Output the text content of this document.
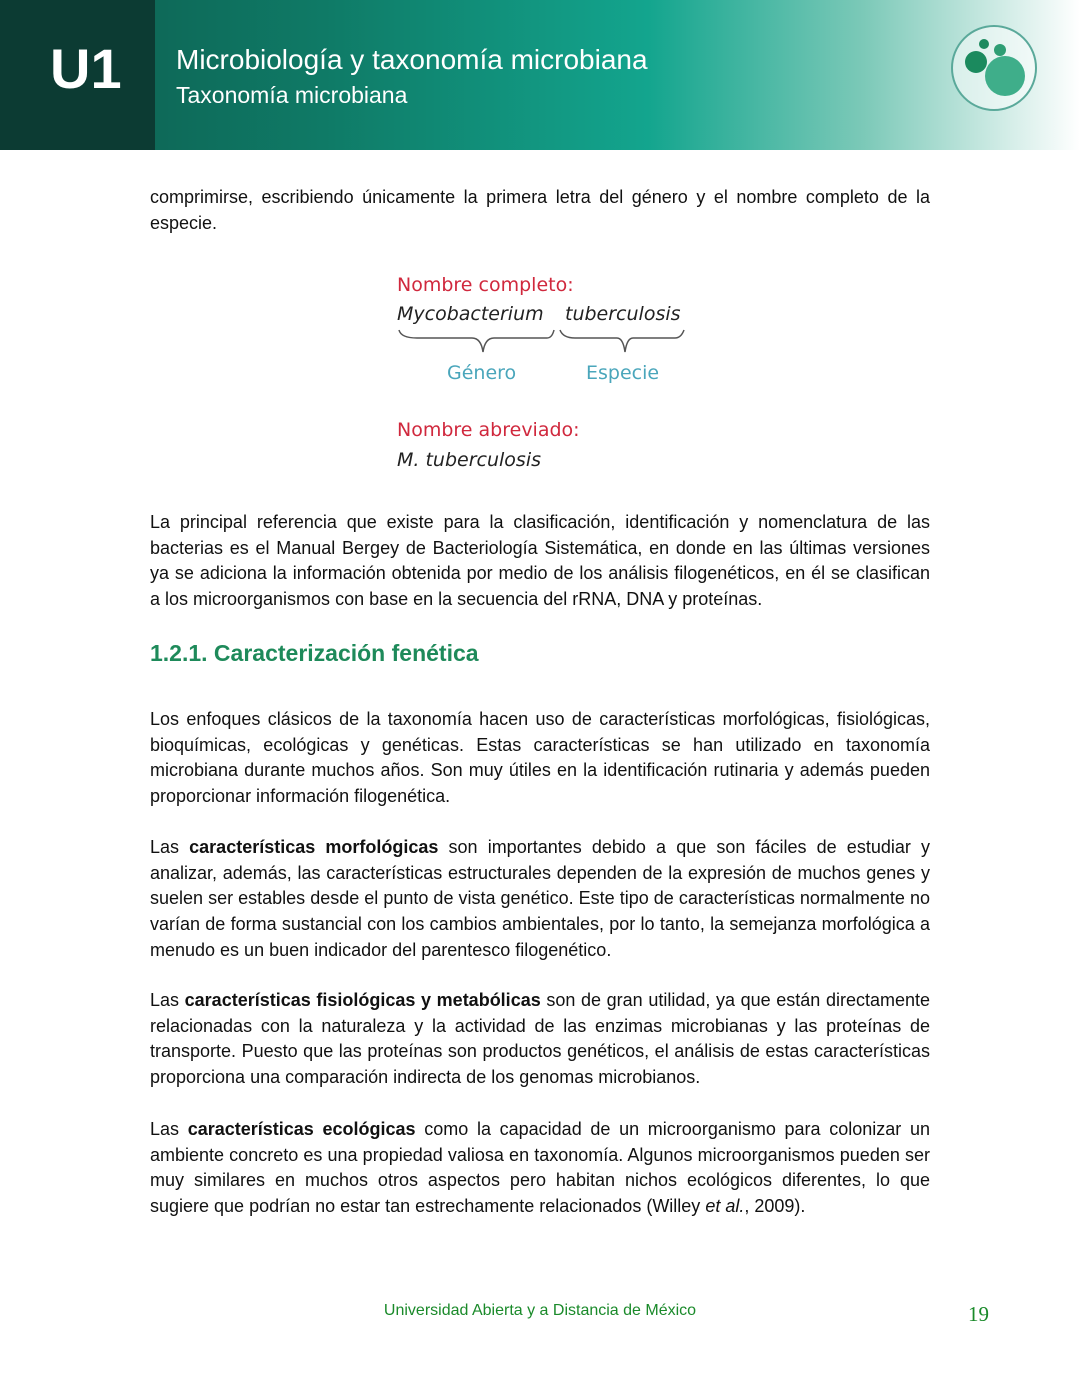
U1 Microbiología y taxonomía microbiana
Taxonomía microbiana
comprimirse, escribiendo únicamente la primera letra del género y el nombre completo de la especie.
Nombre completo:
Mycobacterium tuberculosis
Género	Especie
Nombre abreviado:
M. tuberculosis
La principal referencia que existe para la clasificación, identificación y nomenclatura de las bacterias es el Manual Bergey de Bacteriología Sistemática, en donde en las últimas versiones ya se adiciona la información obtenida por medio de los análisis filogenéticos, en él se clasifican a los microorganismos con base en la secuencia del rRNA, DNA y proteínas.
1.2.1. Caracterización fenética
Los enfoques clásicos de la taxonomía hacen uso de características morfológicas, fisiológicas, bioquímicas, ecológicas y genéticas. Estas características se han utilizado en taxonomía microbiana durante muchos años. Son muy útiles en la identificación rutinaria y además pueden proporcionar información filogenética.
Las características morfológicas son importantes debido a que son fáciles de estudiar y analizar, además, las características estructurales dependen de la expresión de muchos genes y suelen ser estables desde el punto de vista genético. Este tipo de características normalmente no varían de forma sustancial con los cambios ambientales, por lo tanto, la semejanza morfológica a menudo es un buen indicador del parentesco filogenético.
Las características fisiológicas y metabólicas son de gran utilidad, ya que están directamente relacionadas con la naturaleza y la actividad de las enzimas microbianas y las proteínas de transporte. Puesto que las proteínas son productos genéticos, el análisis de estas características proporciona una comparación indirecta de los genomas microbianos.
Las características ecológicas como la capacidad de un microorganismo para colonizar un ambiente concreto es una propiedad valiosa en taxonomía. Algunos microorganismos pueden ser muy similares en muchos otros aspectos pero habitan nichos ecológicos diferentes, lo que sugiere que podrían no estar tan estrechamente relacionados (Willey et al., 2009).
Universidad Abierta y a Distancia de México	19
